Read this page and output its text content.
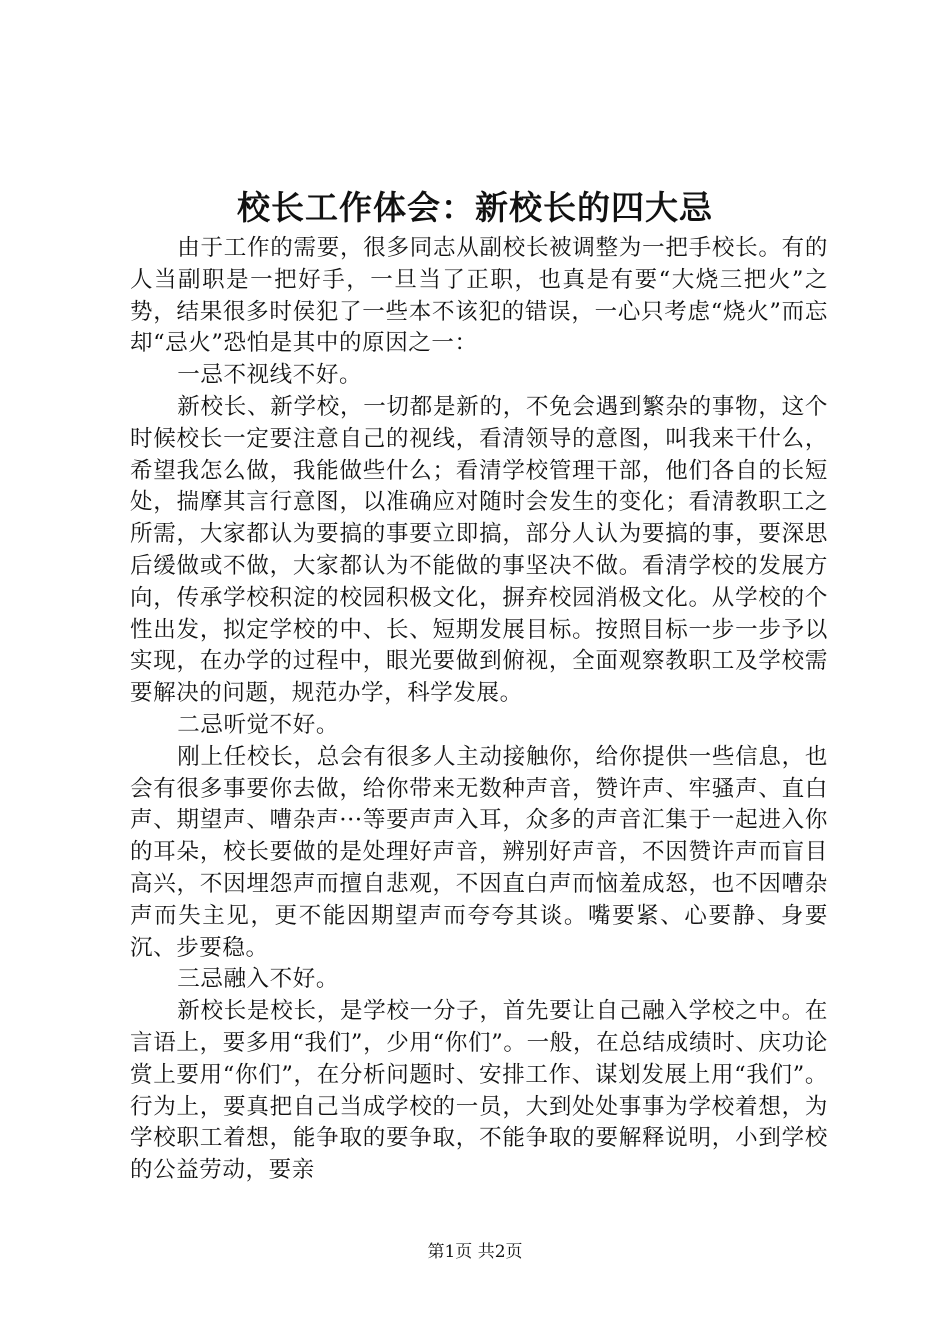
校长工作体会：新校长的四大忌

由于工作的需要，很多同志从副校长被调整为一把手校长。有的人当副职是一把好手，一旦当了正职，也真是有要“大烧三把火”之势，结果很多时侯犯了一些本不该犯的错误，一心只考虑“烧火”而忘却“忌火”恐怕是其中的原因之一：

一忌不视线不好。

新校长、新学校，一切都是新的，不免会遇到繁杂的事物，这个时候校长一定要注意自己的视线，看清领导的意图，叫我来干什么，希望我怎么做，我能做些什么；看清学校管理干部，他们各自的长短处，揣摩其言行意图，以准确应对随时会发生的变化；看清教职工之所需，大家都认为要搞的事要立即搞，部分人认为要搞的事，要深思后缓做或不做，大家都认为不能做的事坚决不做。看清学校的发展方向，传承学校积淀的校园积极文化，摒弃校园消极文化。从学校的个性出发，拟定学校的中、长、短期发展目标。按照目标一步一步予以实现，在办学的过程中，眼光要做到俯视，全面观察教职工及学校需要解决的问题，规范办学，科学发展。

二忌听觉不好。

刚上任校长，总会有很多人主动接触你，给你提供一些信息，也会有很多事要你去做，给你带来无数种声音，赞许声、牢骚声、直白声、期望声、嘈杂声···等要声声入耳，众多的声音汇集于一起进入你的耳朵，校长要做的是处理好声音，辨别好声音，不因赞许声而盲目高兴，不因埋怨声而擅自悲观，不因直白声而恼羞成怒，也不因嘈杂声而失主见，更不能因期望声而夸夸其谈。嘴要紧、心要静、身要沉、步要稳。

三忌融入不好。

新校长是校长，是学校一分子，首先要让自己融入学校之中。在言语上，要多用“我们”，少用“你们”。一般，在总结成绩时、庆功论赏上要用“你们”，在分析问题时、安排工作、谋划发展上用“我们”。行为上，要真把自己当成学校的一员，大到处处事事为学校着想，为学校职工着想，能争取的要争取，不能争取的要解释说明，小到学校的公益劳动，要亲

第1页 共2页
